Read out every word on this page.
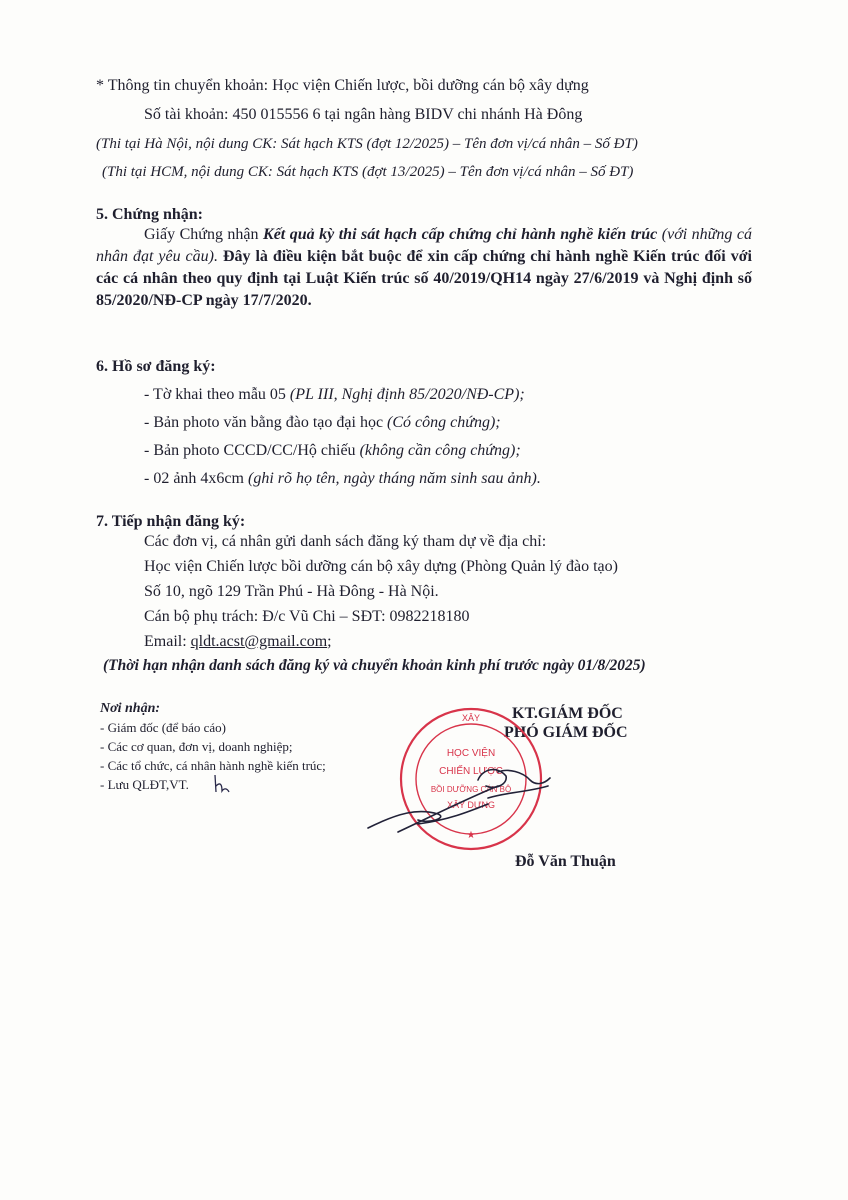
* Thông tin chuyển khoản: Học viện Chiến lược, bồi dưỡng cán bộ xây dựng
Số tài khoản: 450 015556 6 tại ngân hàng BIDV chi nhánh Hà Đông
(Thi tại Hà Nội, nội dung CK: Sát hạch KTS (đợt 12/2025) – Tên đơn vị/cá nhân – Số ĐT)
(Thi tại HCM, nội dung CK: Sát hạch KTS (đợt 13/2025) – Tên đơn vị/cá nhân – Số ĐT)
5. Chứng nhận:
Giấy Chứng nhận Kết quả kỳ thi sát hạch cấp chứng chỉ hành nghề kiến trúc (với những cá nhân đạt yêu cầu). Đây là điều kiện bắt buộc để xin cấp chứng chỉ hành nghề Kiến trúc đối với các cá nhân theo quy định tại Luật Kiến trúc số 40/2019/QH14 ngày 27/6/2019 và Nghị định số 85/2020/NĐ-CP ngày 17/7/2020.
6. Hồ sơ đăng ký:
- Tờ khai theo mẫu 05 (PL III, Nghị định 85/2020/NĐ-CP);
- Bản photo văn bằng đào tạo đại học (Có công chứng);
- Bản photo CCCD/CC/Hộ chiếu (không cần công chứng);
- 02 ảnh 4x6cm (ghi rõ họ tên, ngày tháng năm sinh sau ảnh).
7. Tiếp nhận đăng ký:
Các đơn vị, cá nhân gửi danh sách đăng ký tham dự về địa chỉ:
Học viện Chiến lược bồi dưỡng cán bộ xây dựng (Phòng Quản lý đào tạo)
Số 10, ngõ 129 Trần Phú - Hà Đông - Hà Nội.
Cán bộ phụ trách: Đ/c Vũ Chi – SĐT: 0982218180
Email: qldt.acst@gmail.com;
(Thời hạn nhận danh sách đăng ký và chuyển khoản kinh phí trước ngày 01/8/2025)
Nơi nhận:
- Giám đốc (để báo cáo)
- Các cơ quan, đơn vị, doanh nghiệp;
- Các tổ chức, cá nhân hành nghề kiến trúc;
- Lưu QLĐT,VT.
KT.GIÁM ĐỐC
PHÓ GIÁM ĐỐC
XÂY
HỌC VIỆN
CHIẾN LƯỢC
BỒI DƯỠNG CÁN BỘ
XÂY DỰNG
★
Đỗ Văn Thuận
